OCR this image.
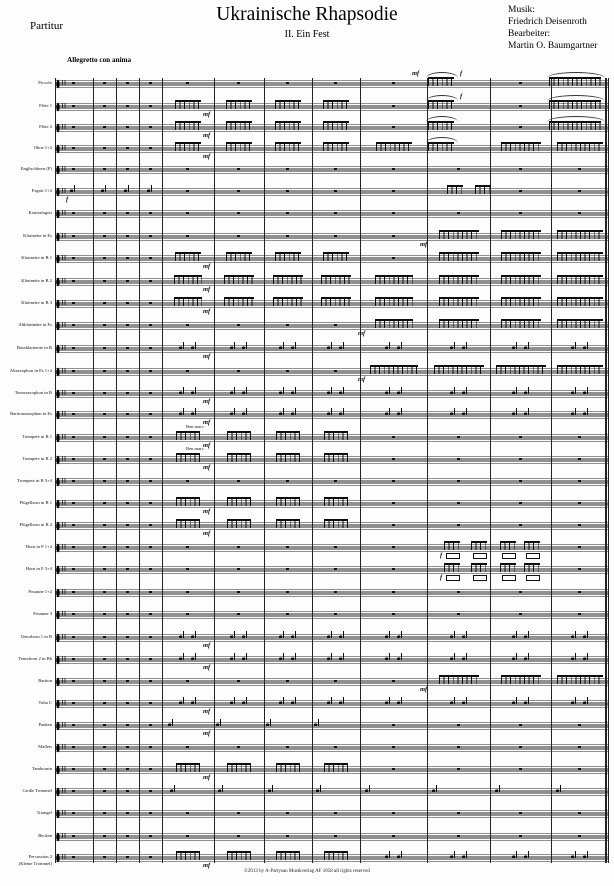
Partitur
Ukrainische Rhapsodie
II. Ein Fest
Musik:
Friedrich Deisenroth
Bearbeiter:
Martin O. Baumgartner
Allegretto con anima
Piccolo
mf	f
Flöte 1
mf
f
Flöte 2
mf
Oboe 1+2
mf
Englischhorn (F)
Fagott 1+2
f
Kontrafagott
Klarinette in Es
mf
Klarinette in B 1
mf
Klarinette in B 2
mf
Klarinette in B 3
mf
Altklarinette in Es
mf
Bassklarinette in B
mf
Altsaxophon in Es 1+2
mf
Tenorsaxophon in B
mf
Baritonsaxophon in Es
mf
Trompete in B 1
Ben marc.
mf
Trompete in B 2
Ben marc.
mf
Trompete in B 3+4
Flügelhorn in B 1
mf
Flügelhorn in B 2
mf
Horn in F 1+2
f
Horn in F 3+4
f
Posaune 1+2
Posaune 3
Tenorhorn 1 in B
mf
Tenorhorn 2 in Bb
mf
Bariton
mf
Tuba C
mf
Pauken
mf
Mallets
Tambourin
mf
Große Trommel
Triangel
Becken
Percussion 2
(Kleine Trommel)	mf
©2013 by A-Partysan Musikverlag AF 1058 all rights reserved
